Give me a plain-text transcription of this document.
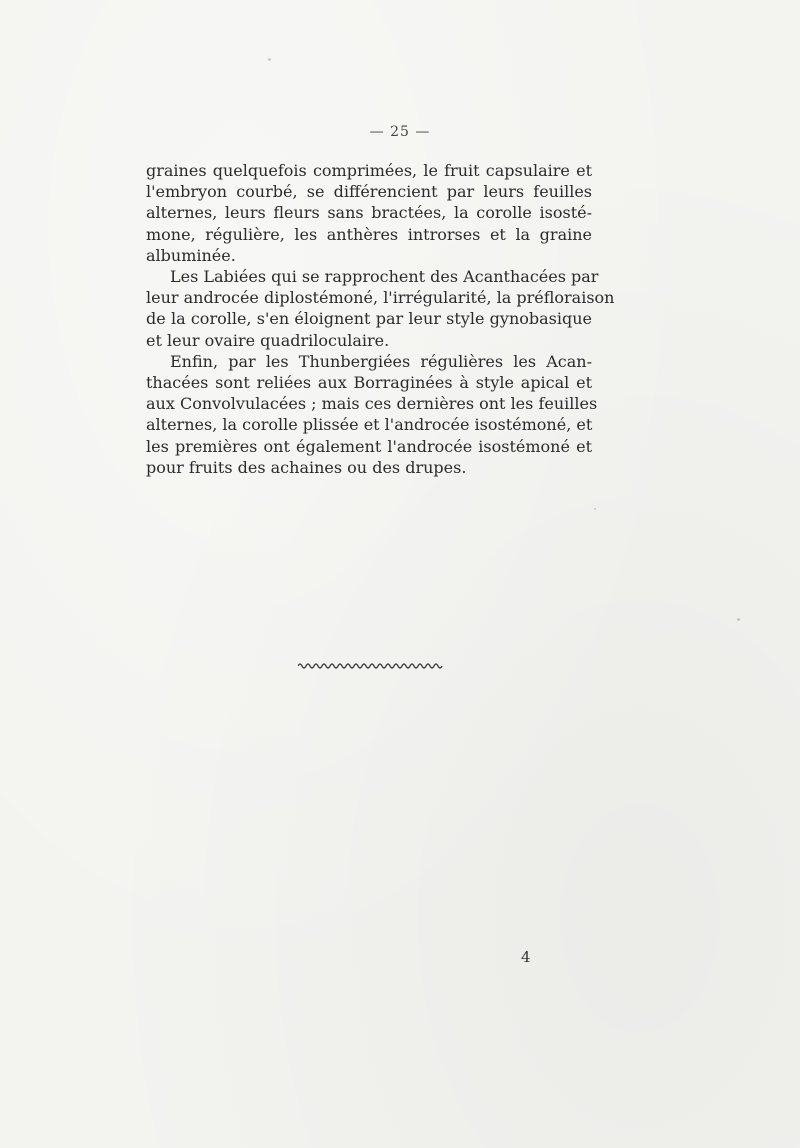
— 25 —
graines quelquefois comprimées, le fruit capsulaire et
l'embryon courbé, se différencient par leurs feuilles
alternes, leurs fleurs sans bractées, la corolle isosté-
mone, régulière, les anthères introrses et la graine
albuminée.
Les Labiées qui se rapprochent des Acanthacées par
leur androcée diplostémoné, l'irrégularité, la préfloraison
de la corolle, s'en éloignent par leur style gynobasique
et leur ovaire quadriloculaire.
Enfin, par les Thunbergiées régulières les Acan-
thacées sont reliées aux Borraginées à style apical et
aux Convolvulacées ; mais ces dernières ont les feuilles
alternes, la corolle plissée et l'androcée isostémoné, et
les premières ont également l'androcée isostémoné et
pour fruits des achaines ou des drupes.
4
